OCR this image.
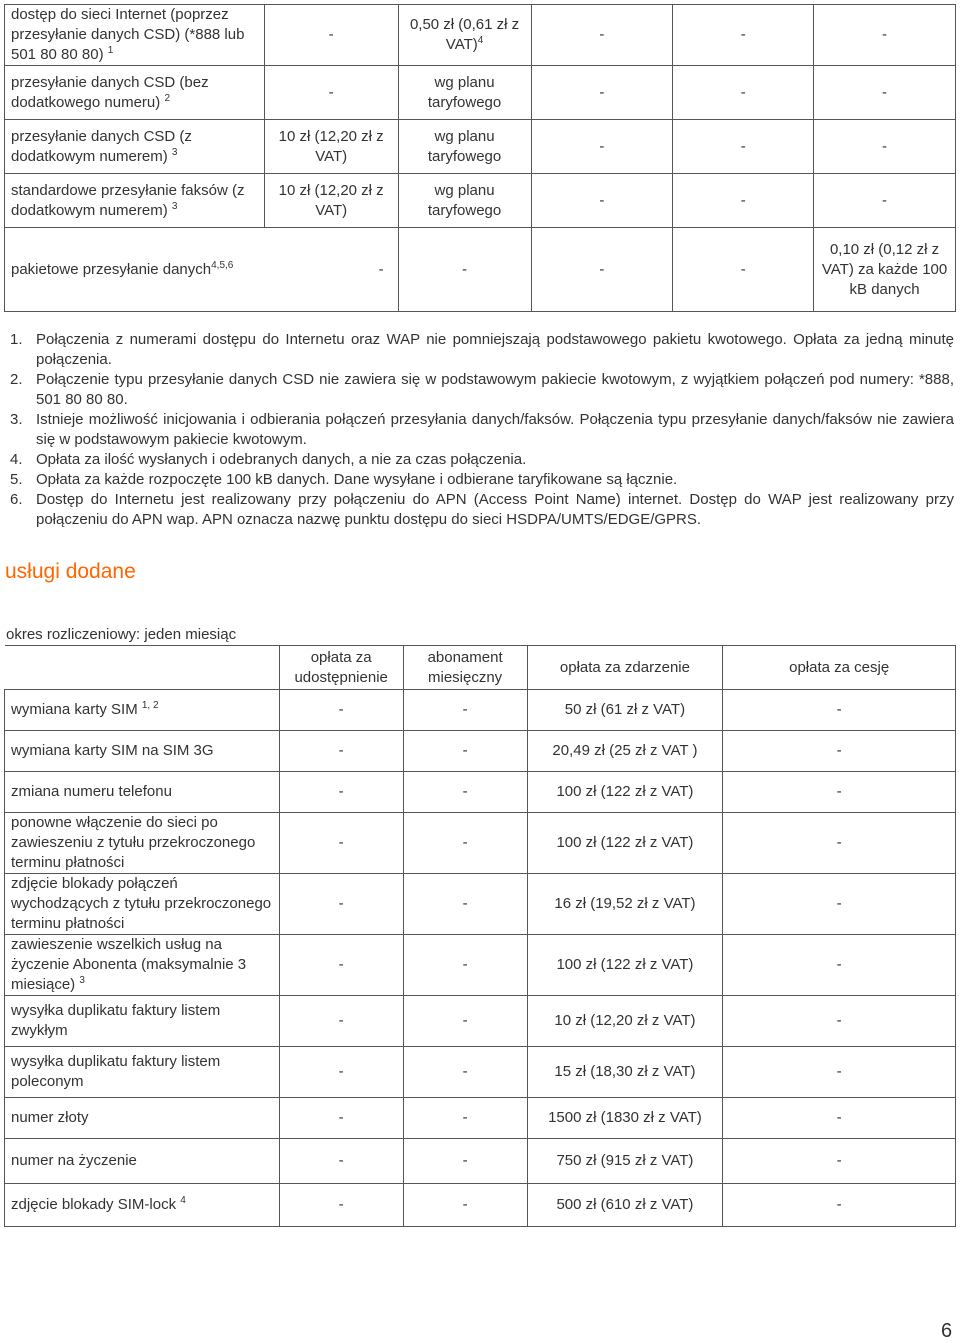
dostęp do sieci Internet (poprzez przesyłanie danych CSD) (*888 lub 501 80 80 80) $^1$	-	0,50 zł (0,61 zł z VAT)$^4$	-	-	-
przesyłanie danych CSD (bez dodatkowego numeru) $^2$	-	wg planu taryfowego	-	-	-
przesyłanie danych CSD (z dodatkowym numerem) $^3$	10 zł (12,20 zł z VAT)	wg planu taryfowego	-	-	-
standardowe przesyłanie faksów (z dodatkowym numerem) $^3$	10 zł (12,20 zł z VAT)	wg planu taryfowego	-	-	-
pakietowe przesyłanie danych$^{4,5,6}$ -		-	-	-	0,10 zł (0,12 zł z VAT) za każde 100 kB danych
1. Połączenia z numerami dostępu do Internetu oraz WAP nie pomniejszają podstawowego pakietu kwotowego. Opłata za jedną minutę połączenia.
2. Połączenie typu przesyłanie danych CSD nie zawiera się w podstawowym pakiecie kwotowym, z wyjątkiem połączeń pod numery: *888, 501 80 80 80.
3. Istnieje możliwość inicjowania i odbierania połączeń przesyłania danych/faksów. Połączenia typu przesyłanie danych/faksów nie zawiera się w podstawowym pakiecie kwotowym.
4. Opłata za ilość wysłanych i odebranych danych, a nie za czas połączenia.
5. Opłata za każde rozpoczęte 100 kB danych. Dane wysyłane i odbierane taryfikowane są łącznie.
6. Dostęp do Internetu jest realizowany przy połączeniu do APN (Access Point Name) internet. Dostęp do WAP jest realizowany przy połączeniu do APN wap. APN oznacza nazwę punktu dostępu do sieci HSDPA/UMTS/EDGE/GPRS.
usługi dodane
okres rozliczeniowy: jeden miesiąc
	opłata za udostępnienie	abonament miesięczny	opłata za zdarzenie	opłata za cesję
wymiana karty SIM $^{1, 2}$	-	-	50 zł (61 zł z VAT)	-
wymiana karty SIM na SIM 3G	-	-	20,49 zł (25 zł z VAT )	-
zmiana numeru telefonu	-	-	100 zł (122 zł z VAT)	-
ponowne włączenie do sieci po zawieszeniu z tytułu przekroczonego terminu płatności	-	-	100 zł (122 zł z VAT)	-
zdjęcie blokady połączeń wychodzących z tytułu przekroczonego terminu płatności	-	-	16 zł (19,52 zł z VAT)	-
zawieszenie wszelkich usług na życzenie Abonenta (maksymalnie 3 miesiące) $^3$	-	-	100 zł (122 zł z VAT)	-
wysyłka duplikatu faktury listem zwykłym	-	-	10 zł (12,20 zł z VAT)	-
wysyłka duplikatu faktury listem poleconym	-	-	15 zł (18,30 zł z VAT)	-
numer złoty	-	-	1500 zł (1830 zł z VAT)	-
numer na życzenie	-	-	750 zł (915 zł z VAT)	-
zdjęcie blokady SIM-lock $^4$	-	-	500 zł (610 zł z VAT)	-
6
